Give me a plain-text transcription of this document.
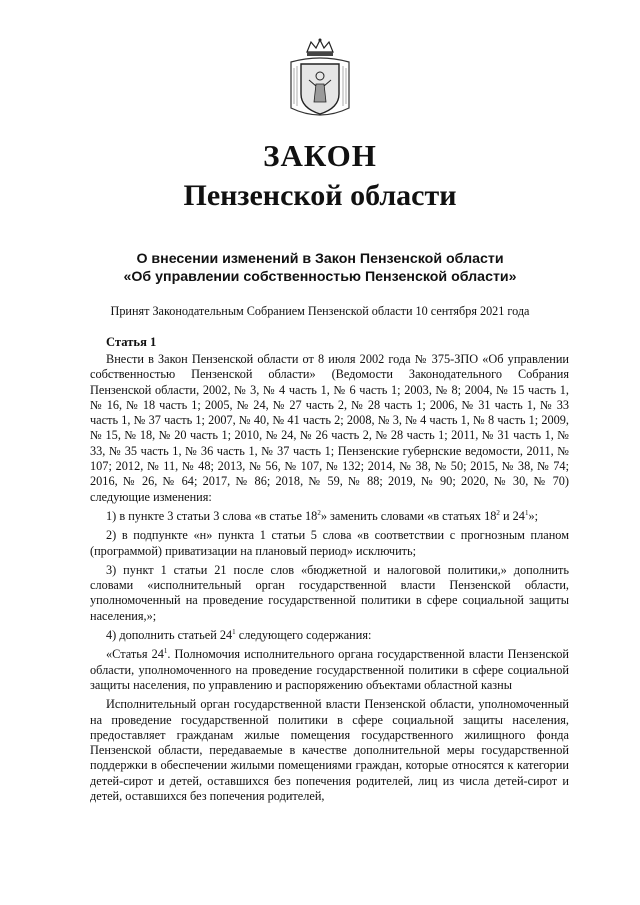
ЗАКОН
Пензенской области
О внесении изменений в Закон Пензенской области
«Об управлении собственностью Пензенской области»
Принят Законодательным Собранием Пензенской области 10 сентября 2021 года
Статья 1

Внести в Закон Пензенской области от 8 июля 2002 года № 375-ЗПО «Об управлении собственностью Пензенской области» (Ведомости Законодательного Собрания Пензенской области, 2002, № 3, № 4 часть 1, № 6 часть 1; 2003, № 8; 2004, № 15 часть 1, № 16, № 18 часть 1; 2005, № 24, № 27 часть 2, № 28 часть 1; 2006, № 31 часть 1, № 33 часть 1, № 37 часть 1; 2007, № 40, № 41 часть 2; 2008, № 3, № 4 часть 1, № 8 часть 1; 2009, № 15, № 18, № 20 часть 1; 2010, № 24, № 26 часть 2, № 28 часть 1; 2011, № 31 часть 1, № 33, № 35 часть 1, № 36 часть 1, № 37 часть 1; Пензенские губернские ведомости, 2011, № 107; 2012, № 11, № 48; 2013, № 56, № 107, № 132; 2014, № 38, № 50; 2015, № 38, № 74; 2016, № 26, № 64; 2017, № 86; 2018, № 59, № 88; 2019, № 90; 2020, № 30, № 70) следующие изменения:

1) в пункте 3 статьи 3 слова «в статье $18^2$» заменить словами «в статьях $18^2$ и $24^1$»;

2) в подпункте «н» пункта 1 статьи 5 слова «в соответствии с прогнозным планом (программой) приватизации на плановый период» исключить;

3) пункт 1 статьи 21 после слов «бюджетной и налоговой политики,» дополнить словами «исполнительный орган государственной власти Пензенской области, уполномоченный на проведение государственной политики в сфере социальной защиты населения,»;

4) дополнить статьей $24^1$ следующего содержания:

«Статья $24^1$. Полномочия исполнительного органа государственной власти Пензенской области, уполномоченного на проведение государственной политики в сфере социальной защиты населения, по управлению и распоряжению объектами областной казны

Исполнительный орган государственной власти Пензенской области, уполномоченный на проведение государственной политики в сфере социальной защиты населения, предоставляет гражданам жилые помещения государственного жилищного фонда Пензенской области, передаваемые в качестве дополнительной меры государственной поддержки в обеспечении жилыми помещениями граждан, которые относятся к категории детей-сирот и детей, оставшихся без попечения родителей, лиц из числа детей-сирот и детей, оставшихся без попечения родителей,
